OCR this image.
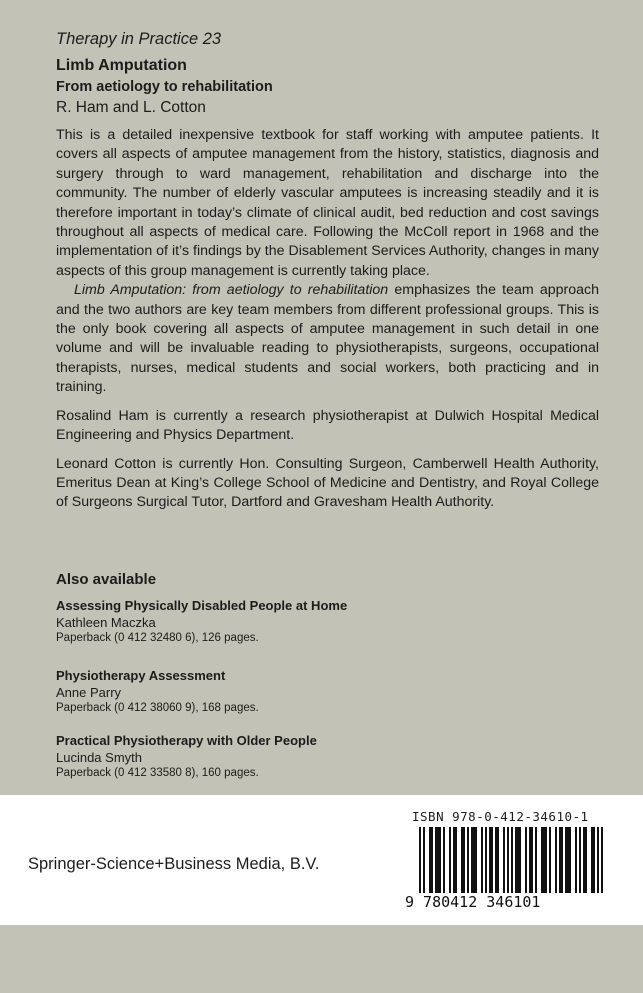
Therapy in Practice 23
Limb Amputation
From aetiology to rehabilitation
R. Ham and L. Cotton

This is a detailed inexpensive textbook for staff working with amputee patients. It covers all aspects of amputee management from the history, statistics, diagnosis and surgery through to ward management, rehabilitation and discharge into the community. The number of elderly vascular amputees is increasing steadily and it is therefore important in today’s climate of clinical audit, bed reduction and cost savings throughout all aspects of medical care. Following the McColl report in 1968 and the implementation of it’s findings by the Disablement Services Authority, changes in many aspects of this group management is currently taking place.

Limb Amputation: from aetiology to rehabilitation emphasizes the team approach and the two authors are key team members from different professional groups. This is the only book covering all aspects of amputee management in such detail in one volume and will be invaluable reading to physiotherapists, surgeons, occupational therapists, nurses, medical students and social workers, both practicing and in training.

Rosalind Ham is currently a research physiotherapist at Dulwich Hospital Medical Engineering and Physics Department.

Leonard Cotton is currently Hon. Consulting Surgeon, Camberwell Health Authority, Emeritus Dean at King’s College School of Medicine and Dentistry, and Royal College of Surgeons Surgical Tutor, Dartford and Gravesham Health Authority.

Also available
Assessing Physically Disabled People at Home
Kathleen Maczka
Paperback (0 412 32480 6), 126 pages.
Physiotherapy Assessment
Anne Parry
Paperback (0 412 38060 9), 168 pages.
Practical Physiotherapy with Older People
Lucinda Smyth
Paperback (0 412 33580 8), 160 pages.
Springer-Science+Business Media, B.V.
ISBN 978-0-412-34610-1
9 780412 346101
